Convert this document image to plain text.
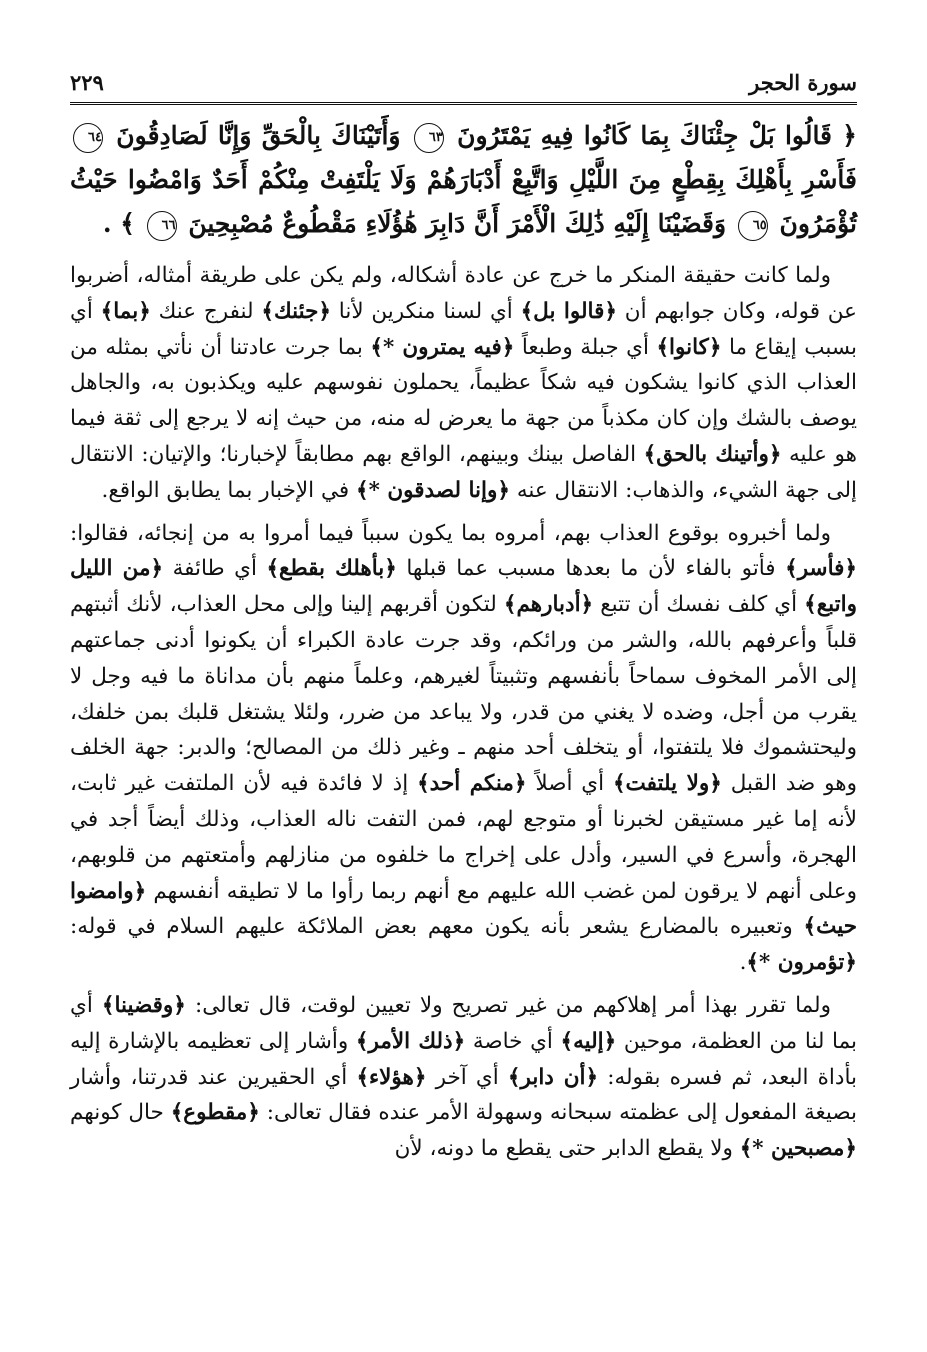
سورة الحجر
٢٢٩
﴿ قَالُوا بَلْ جِئْنَاكَ بِمَا كَانُوا فِيهِ يَمْتَرُونَ ٦٣ وَأَتَيْنَاكَ بِالْحَقِّ وَإِنَّا لَصَادِقُونَ ٦٤ فَأَسْرِ بِأَهْلِكَ بِقِطْعٍ مِنَ اللَّيْلِ وَاتَّبِعْ أَدْبَارَهُمْ وَلَا يَلْتَفِتْ مِنْكُمْ أَحَدٌ وَامْضُوا حَيْثُ تُؤْمَرُونَ ٦٥ وَقَضَيْنَا إِلَيْهِ ذَٰلِكَ الْأَمْرَ أَنَّ دَابِرَ هَٰؤُلَاءِ مَقْطُوعٌ مُصْبِحِينَ ٦٦ ﴾ .

ولما كانت حقيقة المنكر ما خرج عن عادة أشكاله، ولم يكن على طريقة أمثاله، أضربوا عن قوله، وكان جوابهم أن ﴿قالوا بل﴾ أي لسنا منكرين لأنا ﴿جئنك﴾ لنفرج عنك ﴿بما﴾ أي بسبب إيقاع ما ﴿كانوا﴾ أي جبلة وطبعاً ﴿فيه يمترون *﴾ بما جرت عادتنا أن نأتي بمثله من العذاب الذي كانوا يشكون فيه شكاً عظيماً، يحملون نفوسهم عليه ويكذبون به، والجاهل يوصف بالشك وإن كان مكذباً من جهة ما يعرض له منه، من حيث إنه لا يرجع إلى ثقة فيما هو عليه ﴿وأتينك بالحق﴾ الفاصل بينك وبينهم، الواقع بهم مطابقاً لإخبارنا؛ والإتيان: الانتقال إلى جهة الشيء، والذهاب: الانتقال عنه ﴿وإنا لصدقون *﴾ في الإخبار بما يطابق الواقع.

ولما أخبروه بوقوع العذاب بهم، أمروه بما يكون سبباً فيما أمروا به من إنجائه، فقالوا: ﴿فأسر﴾ فأتو بالفاء لأن ما بعدها مسبب عما قبلها ﴿بأهلك بقطع﴾ أي طائفة ﴿من الليل واتبع﴾ أي كلف نفسك أن تتبع ﴿أدبارهم﴾ لتكون أقربهم إلينا وإلى محل العذاب، لأنك أثبتهم قلباً وأعرفهم بالله، والشر من ورائكم، وقد جرت عادة الكبراء أن يكونوا أدنى جماعتهم إلى الأمر المخوف سماحاً بأنفسهم وتثبيتاً لغيرهم، وعلماً منهم بأن مداناة ما فيه وجل لا يقرب من أجل، وضده لا يغني من قدر، ولا يباعد من ضرر، ولئلا يشتغل قلبك بمن خلفك، وليحتشموك فلا يلتفتوا، أو يتخلف أحد منهم ـ وغير ذلك من المصالح؛ والدبر: جهة الخلف وهو ضد القبل ﴿ولا يلتفت﴾ أي أصلاً ﴿منكم أحد﴾ إذ لا فائدة فيه لأن الملتفت غير ثابت، لأنه إما غير مستيقن لخبرنا أو متوجع لهم، فمن التفت ناله العذاب، وذلك أيضاً أجد في الهجرة، وأسرع في السير، وأدل على إخراج ما خلفوه من منازلهم وأمتعتهم من قلوبهم، وعلى أنهم لا يرقون لمن غضب الله عليهم مع أنهم ربما رأوا ما لا تطيقه أنفسهم ﴿وامضوا حيث﴾ وتعبيره بالمضارع يشعر بأنه يكون معهم بعض الملائكة عليهم السلام في قوله: ﴿تؤمرون *﴾.

ولما تقرر بهذا أمر إهلاكهم من غير تصريح ولا تعيين لوقت، قال تعالى: ﴿وقضينا﴾ أي بما لنا من العظمة، موحين ﴿إليه﴾ أي خاصة ﴿ذلك الأمر﴾ وأشار إلى تعظيمه بالإشارة إليه بأداة البعد، ثم فسره بقوله: ﴿أن دابر﴾ أي آخر ﴿هؤلاء﴾ أي الحقيرين عند قدرتنا، وأشار بصيغة المفعول إلى عظمته سبحانه وسهولة الأمر عنده فقال تعالى: ﴿مقطوع﴾ حال كونهم ﴿مصبحين *﴾ ولا يقطع الدابر حتى يقطع ما دونه، لأن
